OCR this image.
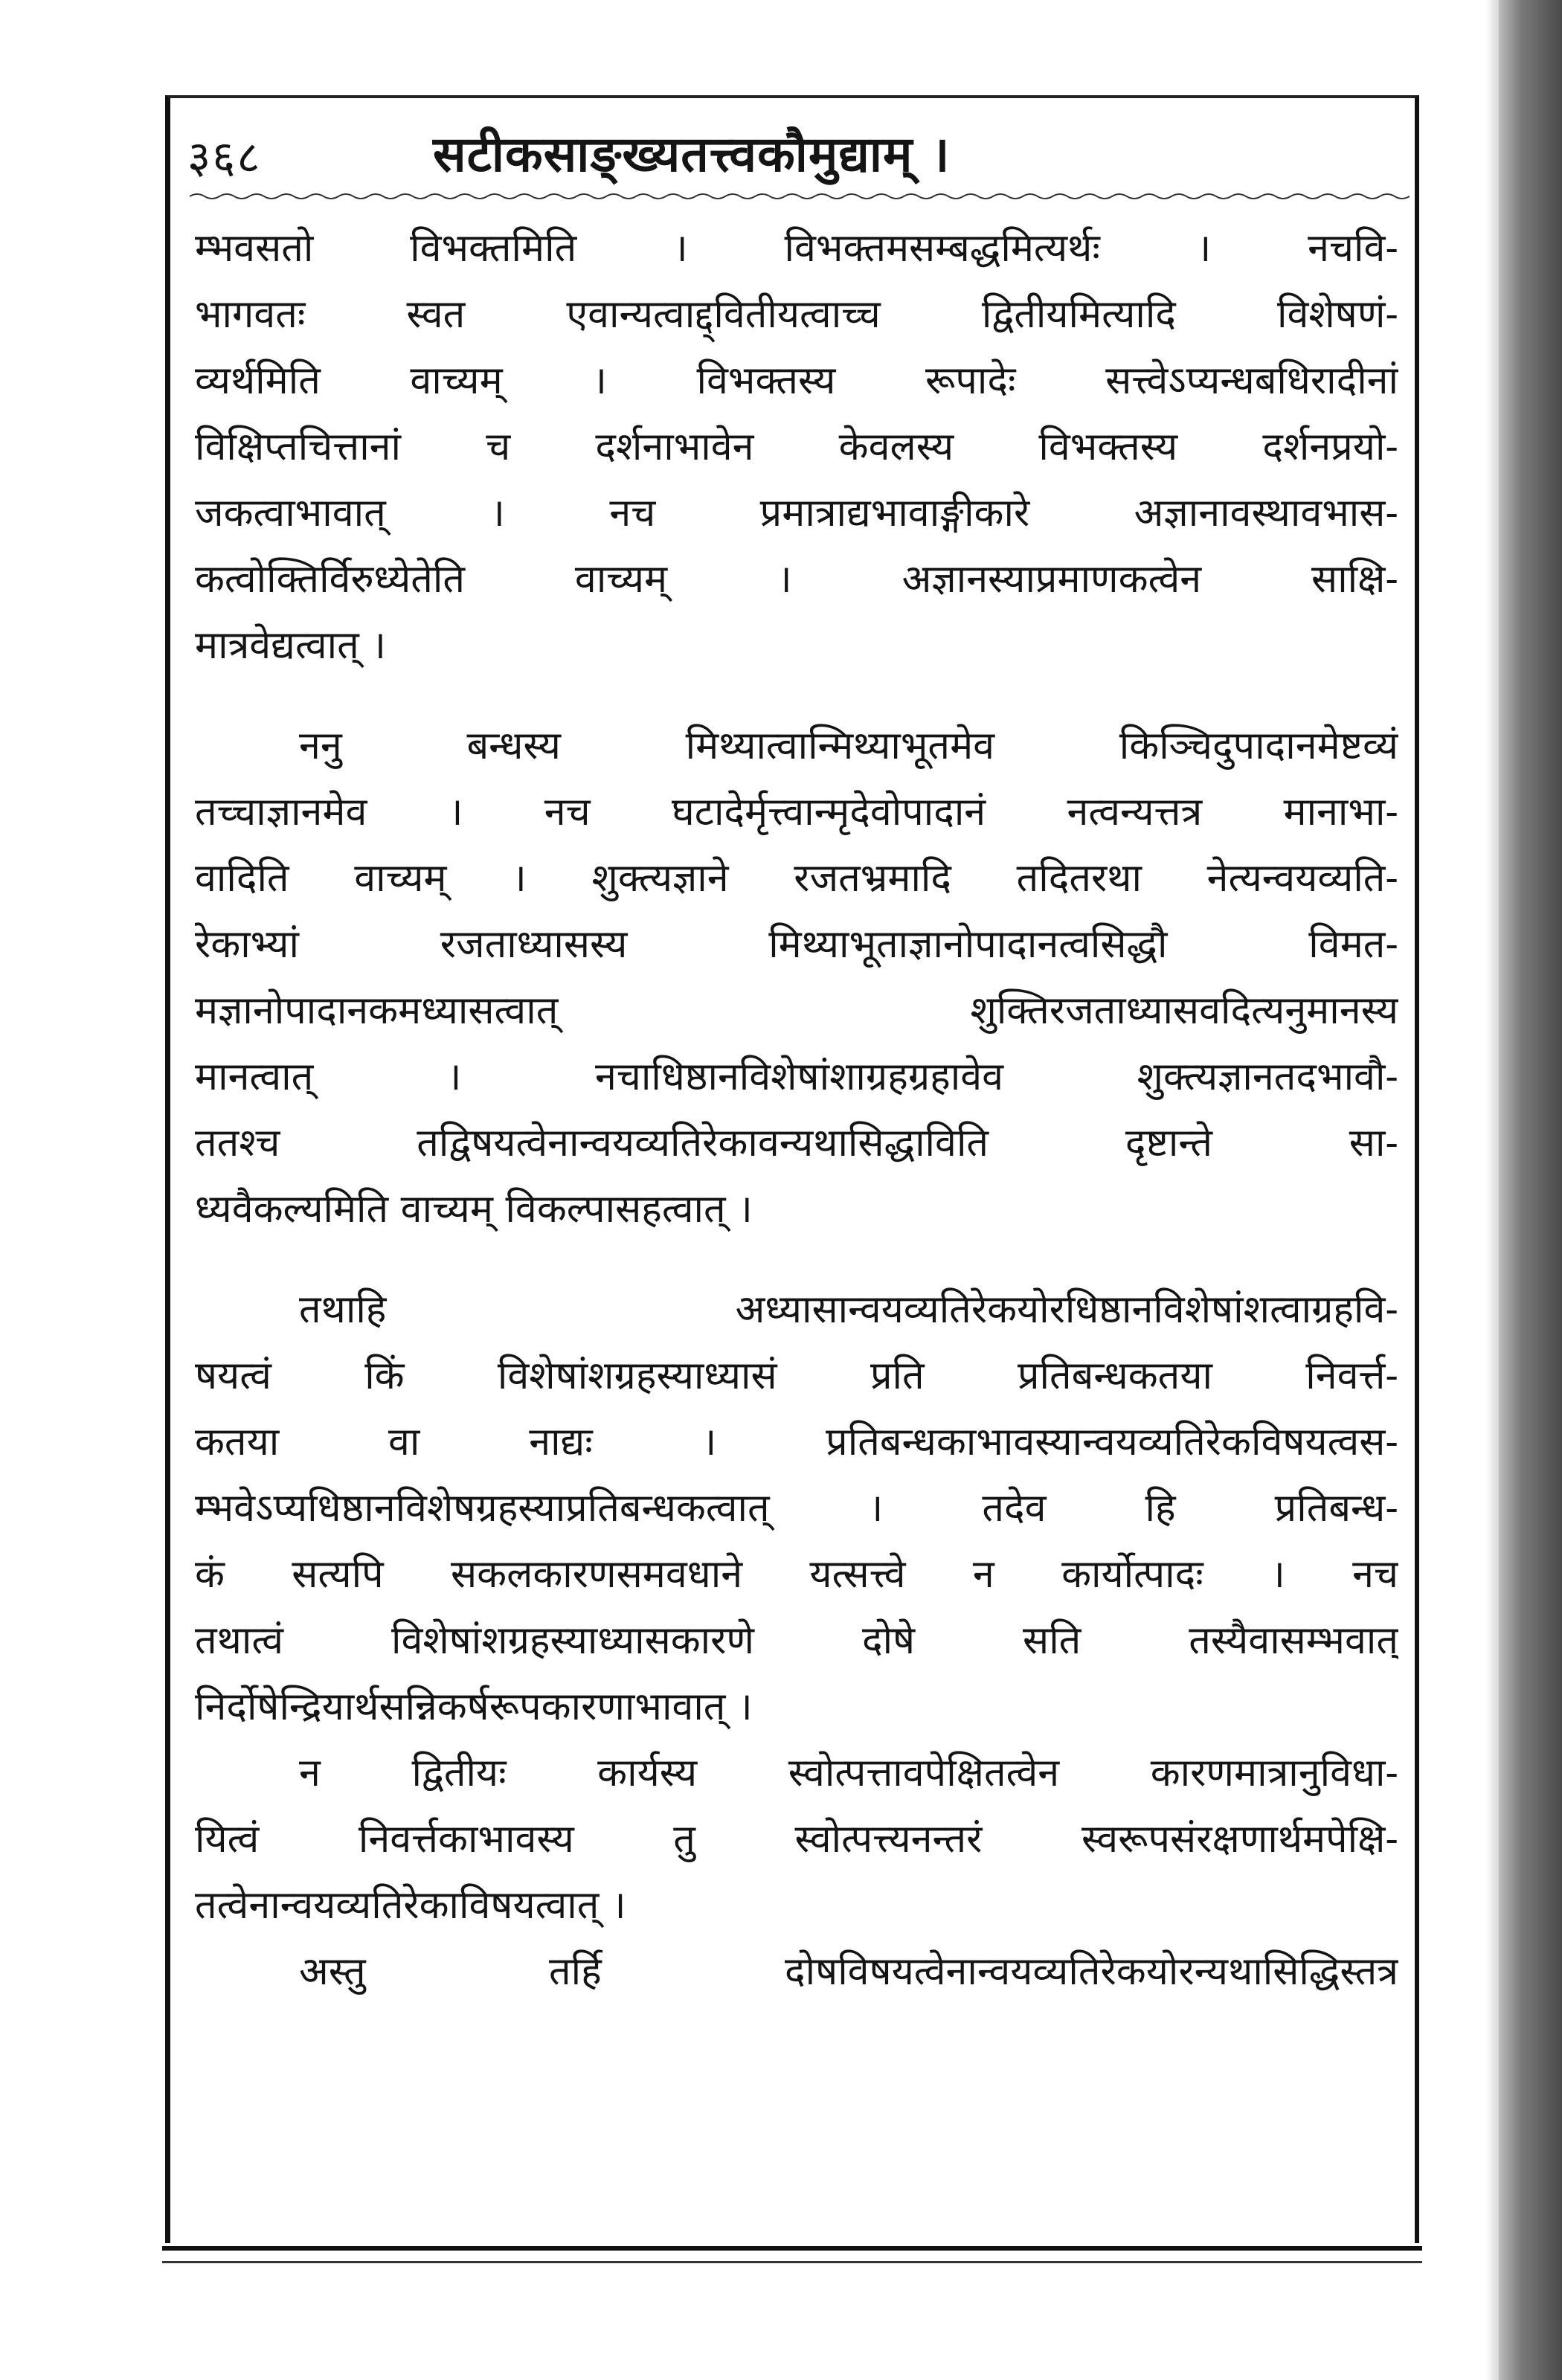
३६८	सटीकसाङ्ख्यतत्त्वकौमुद्याम् ।
म्भवसतो विभक्तमिति । विभक्तमसम्बद्धमित्यर्थः । नचवि-
भागवतः स्वत एवान्यत्वाद्द्वितीयत्वाच्च द्वितीयमित्यादि विशेषणं-
व्यर्थमिति वाच्यम् । विभक्तस्य रूपादेः सत्त्वेऽप्यन्धबधिरादीनां
विक्षिप्तचित्तानां च दर्शनाभावेन केवलस्य विभक्तस्य दर्शनप्रयो-
जकत्वाभावात् । नच प्रमात्राद्यभावाङ्गीकारे अज्ञानावस्थावभास-
कत्वोक्तिर्विरुध्येतेति वाच्यम् । अज्ञानस्याप्रमाणकत्वेन साक्षि-
मात्रवेद्यत्वात् ।
ननु बन्धस्य मिथ्यात्वान्मिथ्याभूतमेव किञ्चिदुपादानमेष्टव्यं
तच्चाज्ञानमेव । नच घटादेर्मृत्त्वान्मृदेवोपादानं नत्वन्यत्तत्र मानाभा-
वादिति वाच्यम् । शुक्त्यज्ञाने रजतभ्रमादि तदितरथा नेत्यन्वयव्यति-
रेकाभ्यां रजताध्यासस्य मिथ्याभूताज्ञानोपादानत्वसिद्धौ विमत-
मज्ञानोपादानकमध्यासत्वात् शुक्तिरजताध्यासवदित्यनुमानस्य
मानत्वात् । नचाधिष्ठानविशेषांशाग्रहग्रहावेव शुक्त्यज्ञानतदभावौ-
ततश्च तद्विषयत्वेनान्वयव्यतिरेकावन्यथासिद्धाविति दृष्टान्ते सा-
ध्यवैकल्यमिति वाच्यम् विकल्पासहत्वात् ।
तथाहि अध्यासान्वयव्यतिरेकयोरधिष्ठानविशेषांशत्वाग्रहवि-
षयत्वं किं विशेषांशग्रहस्याध्यासं प्रति प्रतिबन्धकतया निवर्त्त-
कतया वा नाद्यः । प्रतिबन्धकाभावस्यान्वयव्यतिरेकविषयत्वस-
म्भवेऽप्यधिष्ठानविशेषग्रहस्याप्रतिबन्धकत्वात् । तदेव हि प्रतिबन्ध-
कं सत्यपि सकलकारणसमवधाने यत्सत्त्वे न कार्योत्पादः । नच
तथात्वं विशेषांशग्रहस्याध्यासकारणे दोषे सति तस्यैवासम्भवात्
निर्दोषेन्द्रियार्थसन्निकर्षरूपकारणाभावात् ।
न द्वितीयः कार्यस्य स्वोत्पत्तावपेक्षितत्वेन कारणमात्रानुविधा-
यित्वं निवर्त्तकाभावस्य तु स्वोत्पत्त्यनन्तरं स्वरूपसंरक्षणार्थमपेक्षि-
तत्वेनान्वयव्यतिरेकाविषयत्वात् ।
अस्तु तर्हि दोषविषयत्वेनान्वयव्यतिरेकयोरन्यथासिद्धिस्तत्र
